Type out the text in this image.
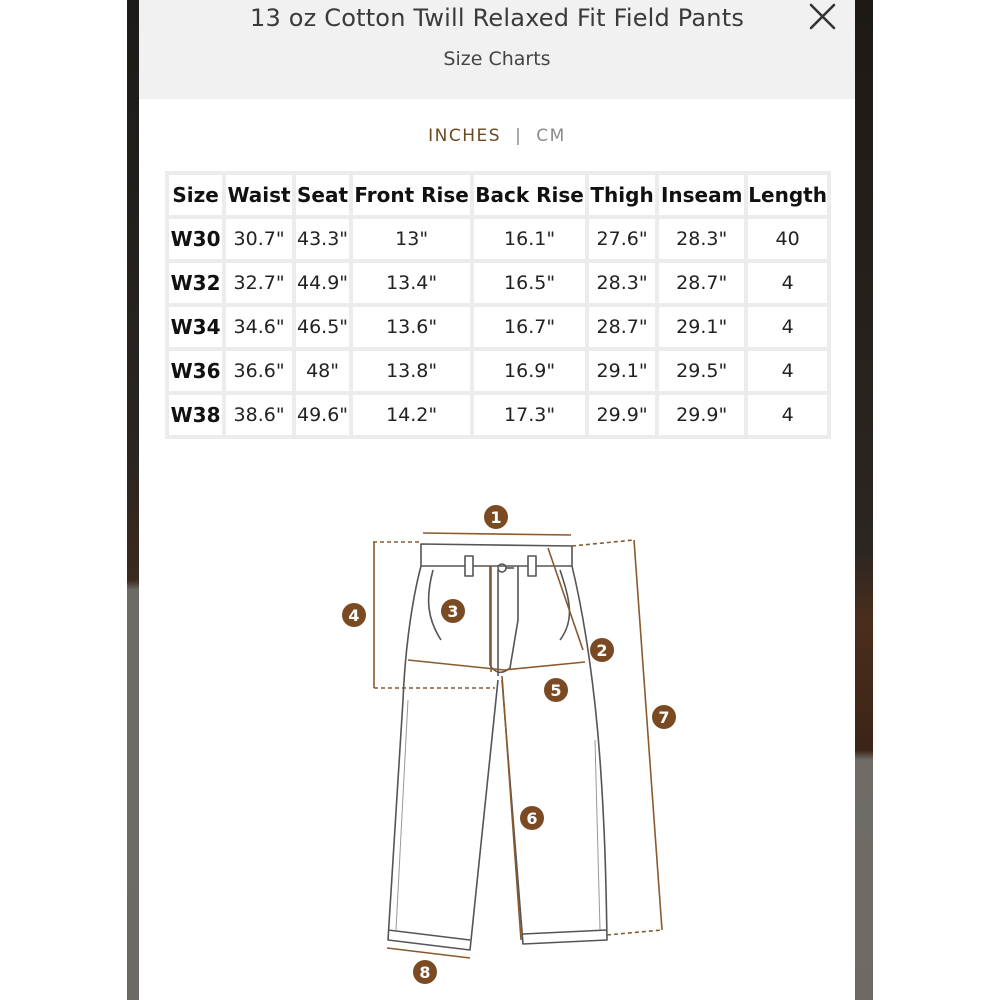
13 oz Cotton Twill Relaxed Fit Field Pants
Size Charts
INCHES | CM
Size	Waist	Seat	Front Rise	Back Rise	Thigh	Inseam	Length
W30	30.7"	43.3"	13"	16.1"	27.6"	28.3"	40
W32	32.7"	44.9"	13.4"	16.5"	28.3"	28.7"	4
W34	34.6"	46.5"	13.6"	16.7"	28.7"	29.1"	4
W36	36.6"	48"	13.8"	16.9"	29.1"	29.5"	4
W38	38.6"	49.6"	14.2"	17.3"	29.9"	29.9"	4
1
2
3
4
5
6
7
8
